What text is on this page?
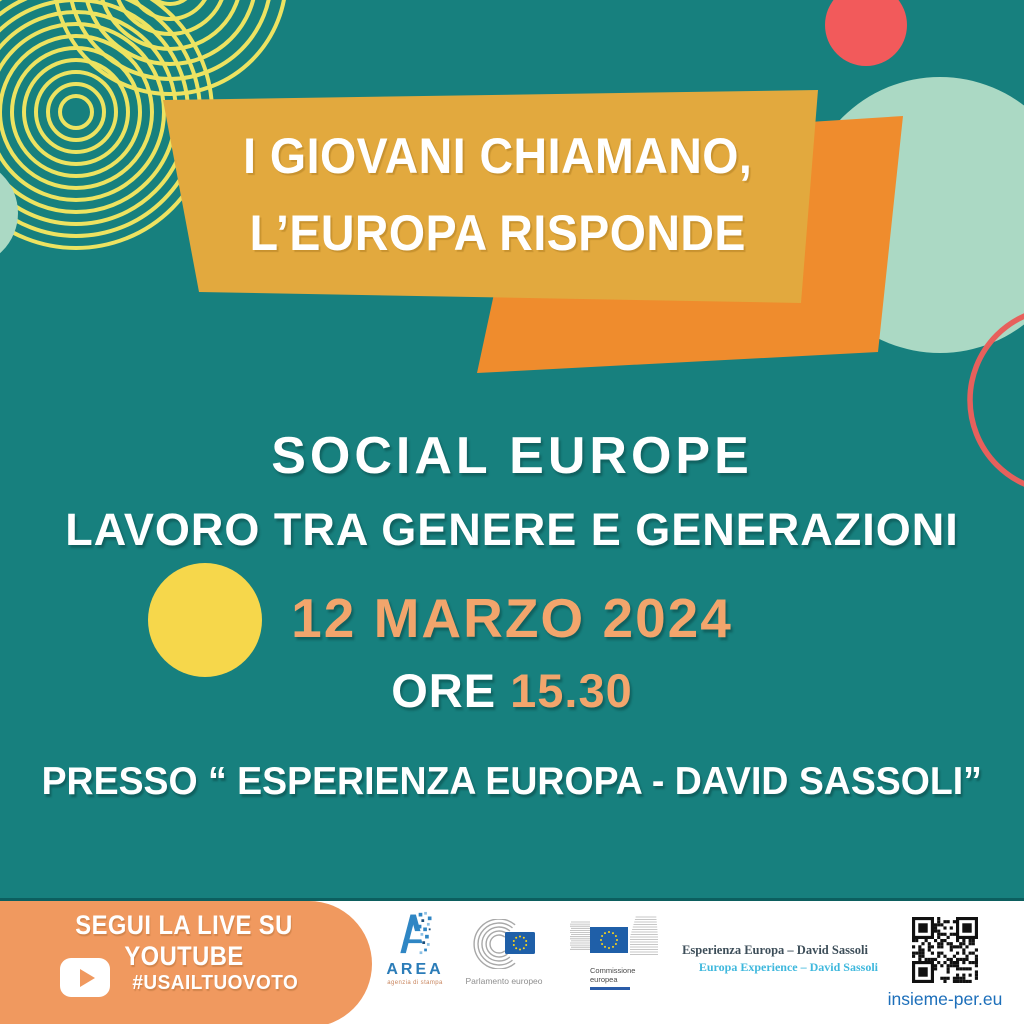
I GIOVANI CHIAMANO,
L’EUROPA RISPONDE
SOCIAL EUROPE
LAVORO TRA GENERE E GENERAZIONI
12 MARZO 2024
ORE 15.30
PRESSO “ ESPERIENZA EUROPA - DAVID SASSOLI”
SEGUI LA LIVE SU YOUTUBE
#USAILTUOVOTO
AREA
agenzia di stampa	Parlamento europeo
Commissione
europea
Esperienza Europa – David Sassoli
Europa Experience – David Sassoli
insieme-per.eu
